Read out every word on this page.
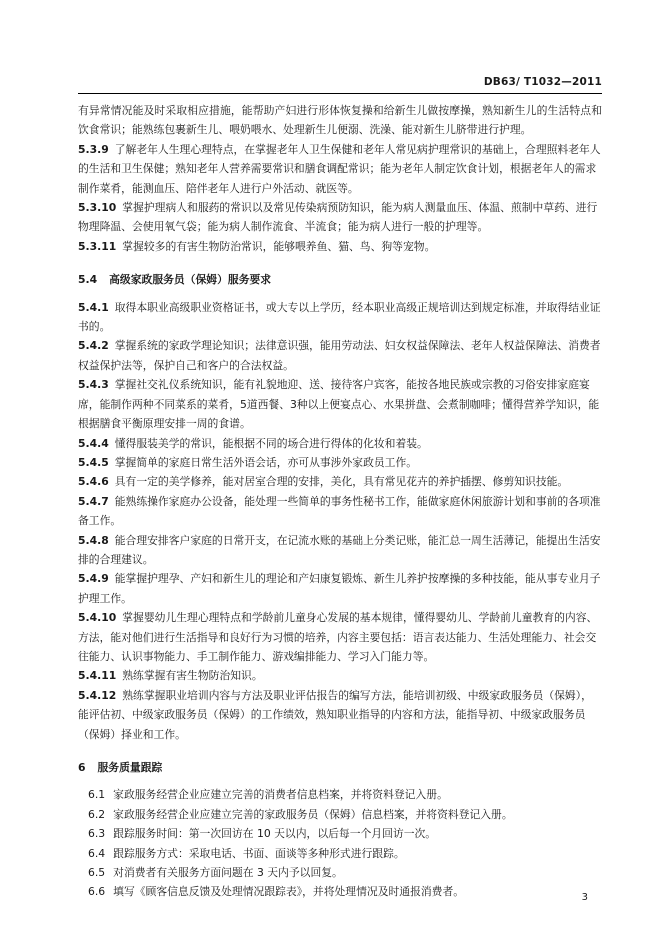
DB63/ T1032—2011

有异常情况能及时采取相应措施，能帮助产妇进行形体恢复操和给新生儿做按摩操，熟知新生儿的生活特点和饮食常识；能熟练包裹新生儿、喂奶喂水、处理新生儿便溺、洗澡、能对新生儿脐带进行护理。

5.3.9 了解老年人生理心理特点，在掌握老年人卫生保健和老年人常见病护理常识的基础上，合理照料老年人的生活和卫生保健；熟知老年人营养需要常识和膳食调配常识；能为老年人制定饮食计划，根据老年人的需求制作菜肴，能测血压、陪伴老年人进行户外活动、就医等。

5.3.10 掌握护理病人和服药的常识以及常见传染病预防知识，能为病人测量血压、体温、煎制中草药、进行物理降温、会使用氧气袋；能为病人制作流食、半流食；能为病人进行一般的护理等。

5.3.11 掌握较多的有害生物防治常识，能够喂养鱼、猫、鸟、狗等宠物。

5.4 高级家政服务员（保姆）服务要求

5.4.1 取得本职业高级职业资格证书，或大专以上学历，经本职业高级正规培训达到规定标准，并取得结业证书的。

5.4.2 掌握系统的家政学理论知识；法律意识强，能用劳动法、妇女权益保障法、老年人权益保障法、消费者权益保护法等，保护自己和客户的合法权益。

5.4.3 掌握社交礼仪系统知识，能有礼貌地迎、送、接待客户宾客，能按各地民族或宗教的习俗安排家庭宴席，能制作两种不同菜系的菜肴，5道西餐、3种以上便宴点心、水果拼盘、会煮制咖啡；懂得营养学知识，能根据膳食平衡原理安排一周的食谱。

5.4.4 懂得服装美学的常识，能根据不同的场合进行得体的化妆和着装。

5.4.5 掌握简单的家庭日常生活外语会话，亦可从事涉外家政员工作。

5.4.6 具有一定的美学修养，能对居室合理的安排，美化，具有常见花卉的养护插摆、修剪知识技能。

5.4.7 能熟练操作家庭办公设备，能处理一些简单的事务性秘书工作，能做家庭休闲旅游计划和事前的各项准备工作。

5.4.8 能合理安排客户家庭的日常开支，在记流水账的基础上分类记账，能汇总一周生活薄记，能提出生活安排的合理建议。

5.4.9 能掌握护理孕、产妇和新生儿的理论和产妇康复锻炼、新生儿养护按摩操的多种技能，能从事专业月子护理工作。

5.4.10 掌握婴幼儿生理心理特点和学龄前儿童身心发展的基本规律，懂得婴幼儿、学龄前儿童教育的内容、方法，能对他们进行生活指导和良好行为习惯的培养，内容主要包括：语言表达能力、生活处理能力、社会交往能力、认识事物能力、手工制作能力、游戏编排能力、学习入门能力等。

5.4.11 熟练掌握有害生物防治知识。

5.4.12 熟练掌握职业培训内容与方法及职业评估报告的编写方法，能培训初级、中级家政服务员（保姆），能评估初、中级家政服务员（保姆）的工作绩效，熟知职业指导的内容和方法，能指导初、中级家政服务员（保姆）择业和工作。

6 服务质量跟踪

6.1 家政服务经营企业应建立完善的消费者信息档案，并将资料登记入册。

6.2 家政服务经营企业应建立完善的家政服务员（保姆）信息档案，并将资料登记入册。

6.3 跟踪服务时间：第一次回访在 10 天以内，以后每一个月回访一次。

6.4 跟踪服务方式：采取电话、书面、面谈等多种形式进行跟踪。

6.5 对消费者有关服务方面问题在 3 天内予以回复。

6.6 填写《顾客信息反馈及处理情况跟踪表》，并将处理情况及时通报消费者。	3
